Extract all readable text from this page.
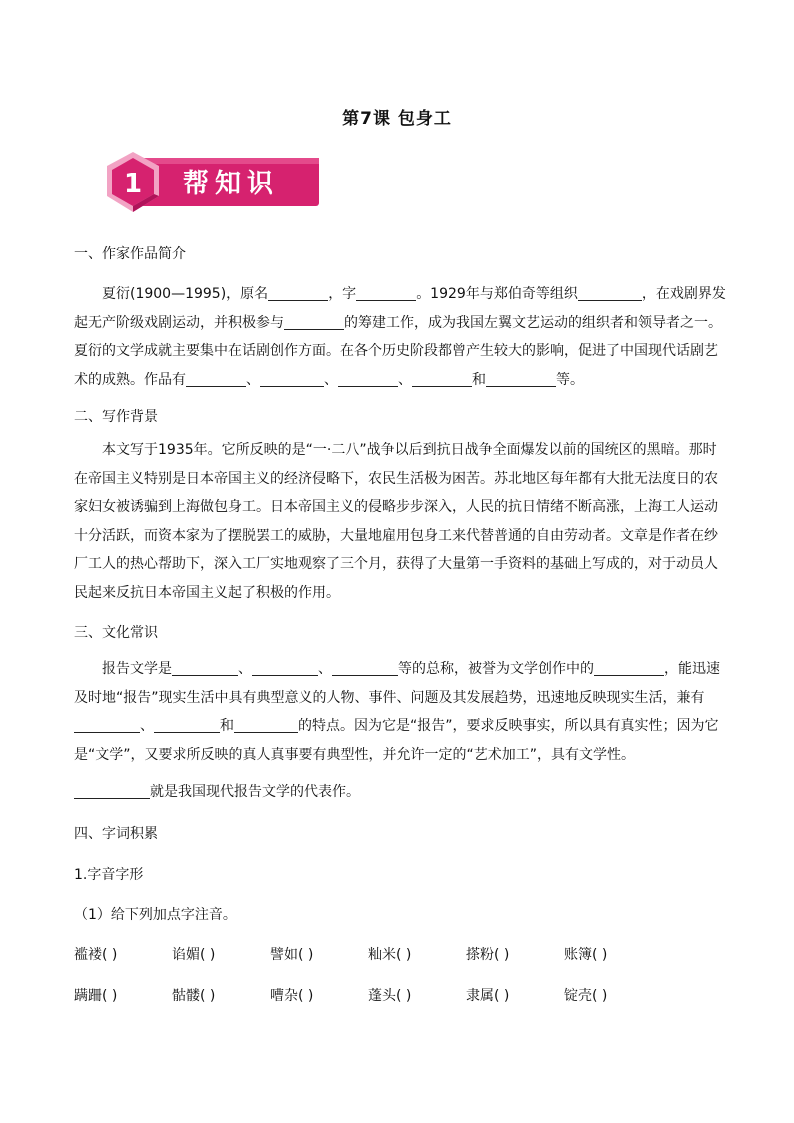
第7课 包身工
1 帮知识
一、作家作品简介
夏衍(1900—1995)，原名	，字	。1929年与郑伯奇等组织	，在戏剧界发起无产阶级戏剧运动，并积极参与	的筹建工作，成为我国左翼文艺运动的组织者和领导者之一。夏衍的文学成就主要集中在话剧创作方面。在各个历史阶段都曾产生较大的影响，促进了中国现代话剧艺术的成熟。作品有	、	、	、	和	等。
二、写作背景
本文写于1935年。它所反映的是“一·二八”战争以后到抗日战争全面爆发以前的国统区的黑暗。那时在帝国主义特别是日本帝国主义的经济侵略下，农民生活极为困苦。苏北地区每年都有大批无法度日的农家妇女被诱骗到上海做包身工。日本帝国主义的侵略步步深入，人民的抗日情绪不断高涨，上海工人运动十分活跃，而资本家为了摆脱罢工的威胁，大量地雇用包身工来代替普通的自由劳动者。文章是作者在纱厂工人的热心帮助下，深入工厂实地观察了三个月，获得了大量第一手资料的基础上写成的，对于动员人民起来反抗日本帝国主义起了积极的作用。
三、文化常识
报告文学是	、	、	等的总称，被誉为文学创作中的	，能迅速及时地“报告”现实生活中具有典型意义的人物、事件、问题及其发展趋势，迅速地反映现实生活，兼有、	和	的特点。因为它是“报告”，要求反映事实，所以具有真实性；因为它是“文学”，又要求所反映的真人真事要有典型性，并允许一定的“艺术加工”，具有文学性。
就是我国现代报告文学的代表作。
四、字词积累
1.字音字形
（1）给下列加点字注音。
褴褛( )	谄媚( )	譬如( )	籼米( )	搽粉( )	账簿( )
蹒跚( )	骷髅( )	嘈杂( )	蓬头( )	隶属( )	锭壳( )
